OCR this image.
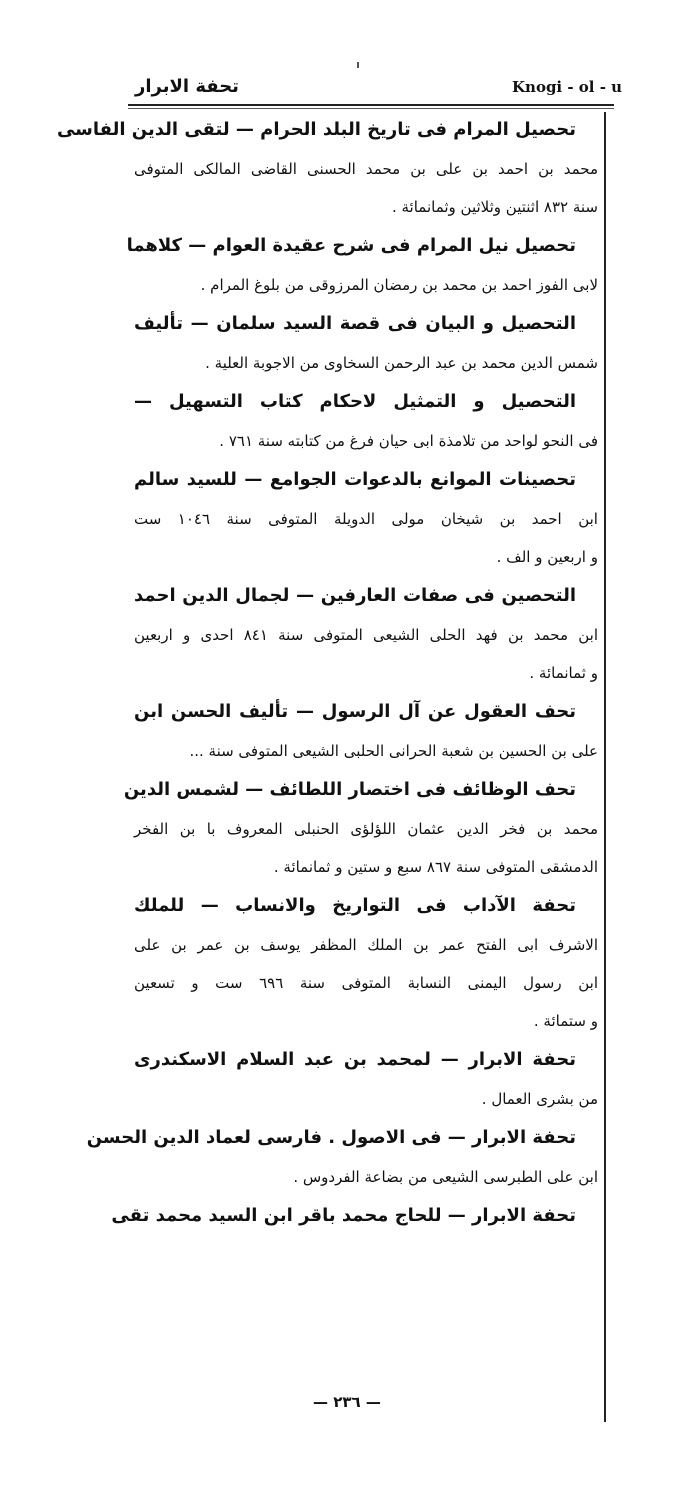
تحفة الابرار	Knogi - ol - u
تحصيل المرام فى تاريخ البلد الحرام — لتقى الدين الفاسى
محمد بن احمد بن على بن محمد الحسنى القاضى المالكى المتوفى
سنة ٨٣٢ اثنتين وثلاثين وثمانمائة .
تحصيل نيل المرام فى شرح عقيدة العوام — كلاهما
لابى الفوز احمد بن محمد بن رمضان المرزوقى من بلوغ المرام .
التحصيل و البيان فى قصة السيد سلمان — تأليف
شمس الدين محمد بن عبد الرحمن السخاوى من الاجوبة العلية .
التحصيل و التمثيل لاحكام كتاب التسهيل —
فى النحو لواحد من تلامذة ابى حيان فرغ من كتابته سنة ٧٦١ .
تحصينات الموانع بالدعوات الجوامع — للسيد سالم
ابن احمد بن شيخان مولى الدويلة المتوفى سنة ١٠٤٦ ست
و اربعين و الف .
التحصين فى صفات العارفين — لجمال الدين احمد
ابن محمد بن فهد الحلى الشيعى المتوفى سنة ٨٤١ احدى و اربعين
و ثمانمائة .
تحف العقول عن آل الرسول — تأليف الحسن ابن
على بن الحسين بن شعبة الحرانى الحلبى الشيعى المتوفى سنة ...
تحف الوظائف فى اختصار اللطائف — لشمس الدين
محمد بن فخر الدين عثمان اللؤلؤى الحنبلى المعروف با بن الفخر
الدمشقى المتوفى سنة ٨٦٧ سبع و ستين و ثمانمائة .
تحفة الآداب فى التواريخ والانساب — للملك
الاشرف ابى الفتح عمر بن الملك المظفر يوسف بن عمر بن على
ابن رسول اليمنى النسابة المتوفى سنة ٦٩٦ ست و تسعين
و ستمائة .
تحفة الابرار — لمحمد بن عبد السلام الاسكندرى
من بشرى العمال .
تحفة الابرار — فى الاصول . فارسى لعماد الدين الحسن
ابن على الطبرسى الشيعى من بضاعة الفردوس .
تحفة الابرار — للحاج محمد باقر ابن السيد محمد تقى
— ٢٣٦ —
